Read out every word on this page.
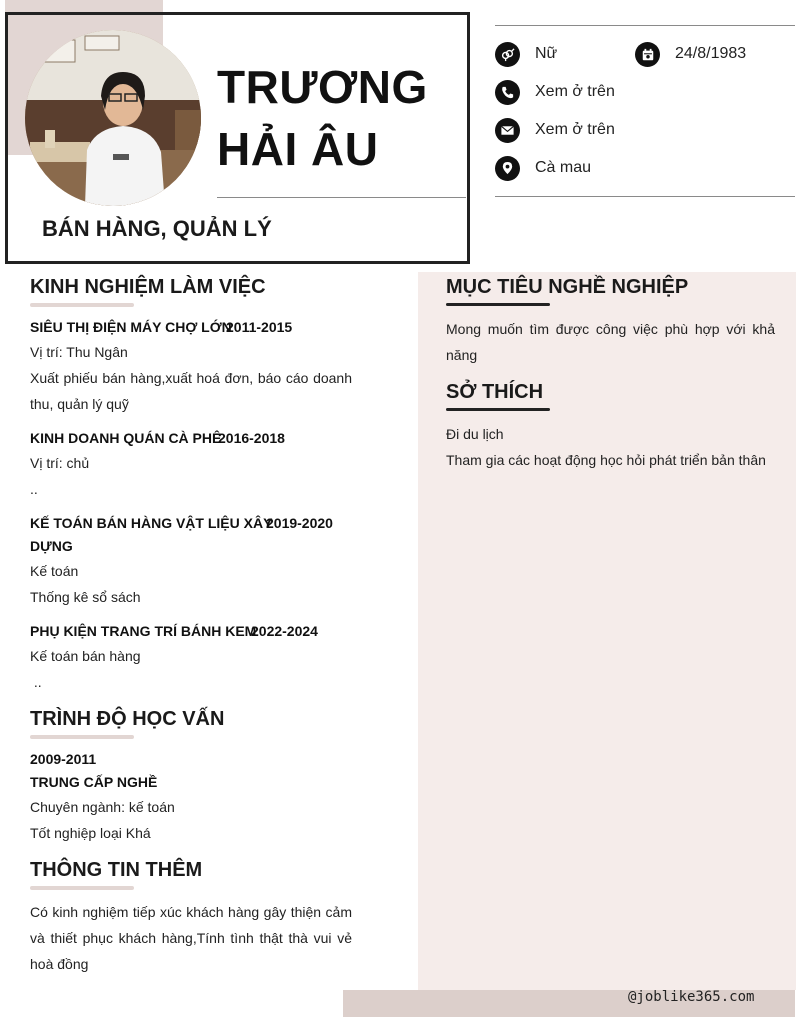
TRƯƠNG
HẢI ÂU
BÁN HÀNG, QUẢN LÝ
Nữ	24/8/1983
Xem ở trên
Xem ở trên
Cà mau
KINH NGHIỆM LÀM VIỆC
SIÊU THỊ ĐIỆN MÁY CHỢ LỚN
2011-2015
Vị trí: Thu Ngân
Xuất phiếu bán hàng,xuất hoá đơn, báo cáo doanh thu, quản lý quỹ
KINH DOANH QUÁN CÀ PHÊ
2016-2018
Vị trí: chủ
..
KẾ TOÁN BÁN HÀNG VẬT LIỆU XÂY
2019-2020
DỰNG
Kế toán
Thống kê sổ sách
PHỤ KIỆN TRANG TRÍ BÁNH KEM
2022-2024
Kế toán bán hàng
..
TRÌNH ĐỘ HỌC VẤN
2009-2011
TRUNG CẤP NGHỀ
Chuyên ngành: kế toán
Tốt nghiệp loại Khá
THÔNG TIN THÊM
Có kinh nghiệm tiếp xúc khách hàng gây thiện cảm và thiết phục khách hàng,Tính tình thật thà vui vẻ hoà đồng
MỤC TIÊU NGHỀ NGHIỆP
Mong muốn tìm được công việc phù hợp với khả năng
SỞ THÍCH
Đi du lịch
Tham gia các hoạt động học hỏi phát triển bản thân
@joblike365.com
